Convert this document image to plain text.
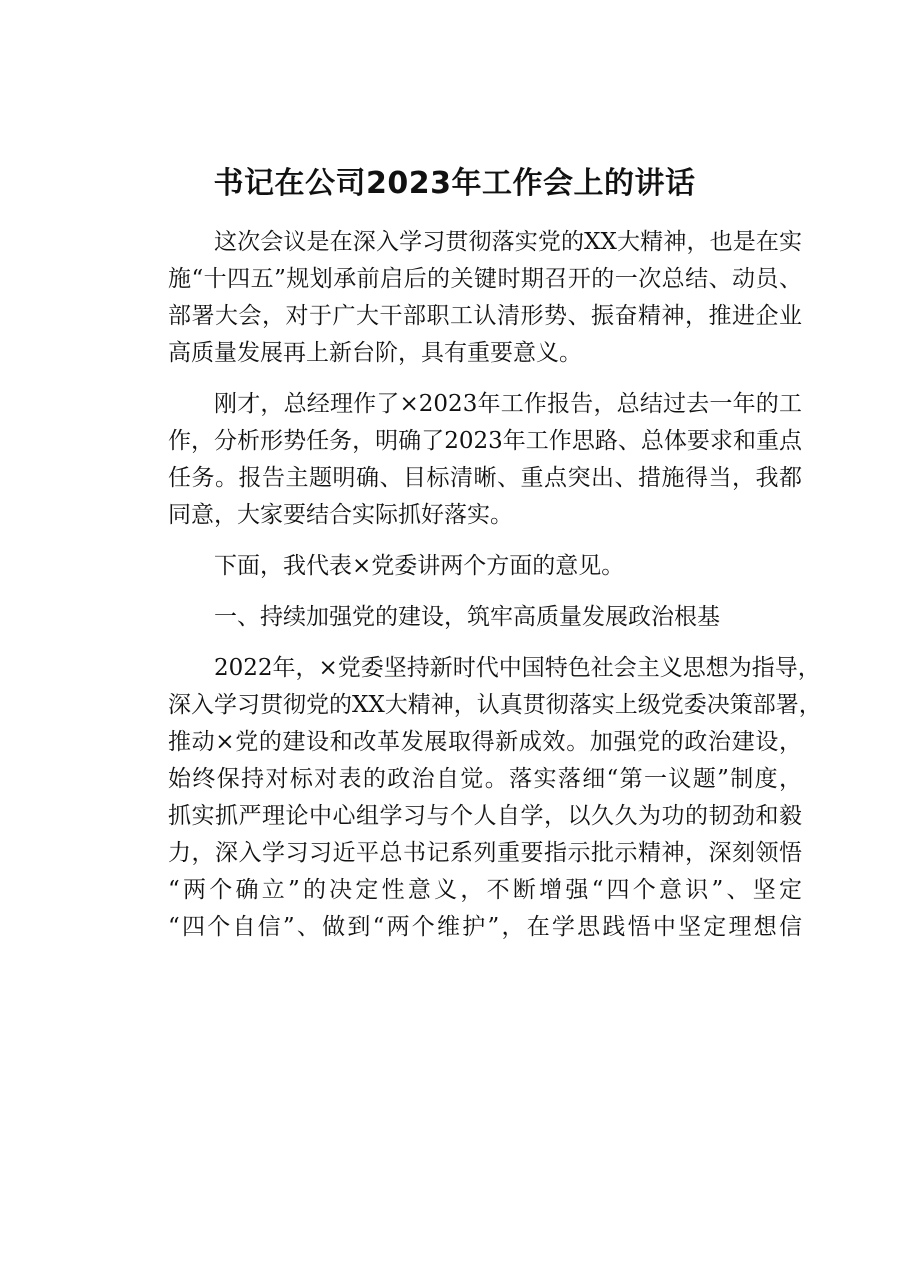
书记在公司2023年工作会上的讲话
这次会议是在深入学习贯彻落实党的XX大精神，也是在实
施“十四五”规划承前启后的关键时期召开的一次总结、动员、
部署大会，对于广大干部职工认清形势、振奋精神，推进企业
高质量发展再上新台阶，具有重要意义。
刚才，总经理作了×2023年工作报告，总结过去一年的工
作，分析形势任务，明确了2023年工作思路、总体要求和重点
任务。报告主题明确、目标清晰、重点突出、措施得当，我都
同意，大家要结合实际抓好落实。
下面，我代表×党委讲两个方面的意见。
一、持续加强党的建设，筑牢高质量发展政治根基
2022年，×党委坚持新时代中国特色社会主义思想为指导，
深入学习贯彻党的XX大精神，认真贯彻落实上级党委决策部署，
推动×党的建设和改革发展取得新成效。加强党的政治建设，
始终保持对标对表的政治自觉。落实落细“第一议题”制度，
抓实抓严理论中心组学习与个人自学，以久久为功的韧劲和毅
力，深入学习习近平总书记系列重要指示批示精神，深刻领悟
“两个确立”的决定性意义，不断增强“四个意识”、坚定
“四个自信”、做到“两个维护”，在学思践悟中坚定理想信
